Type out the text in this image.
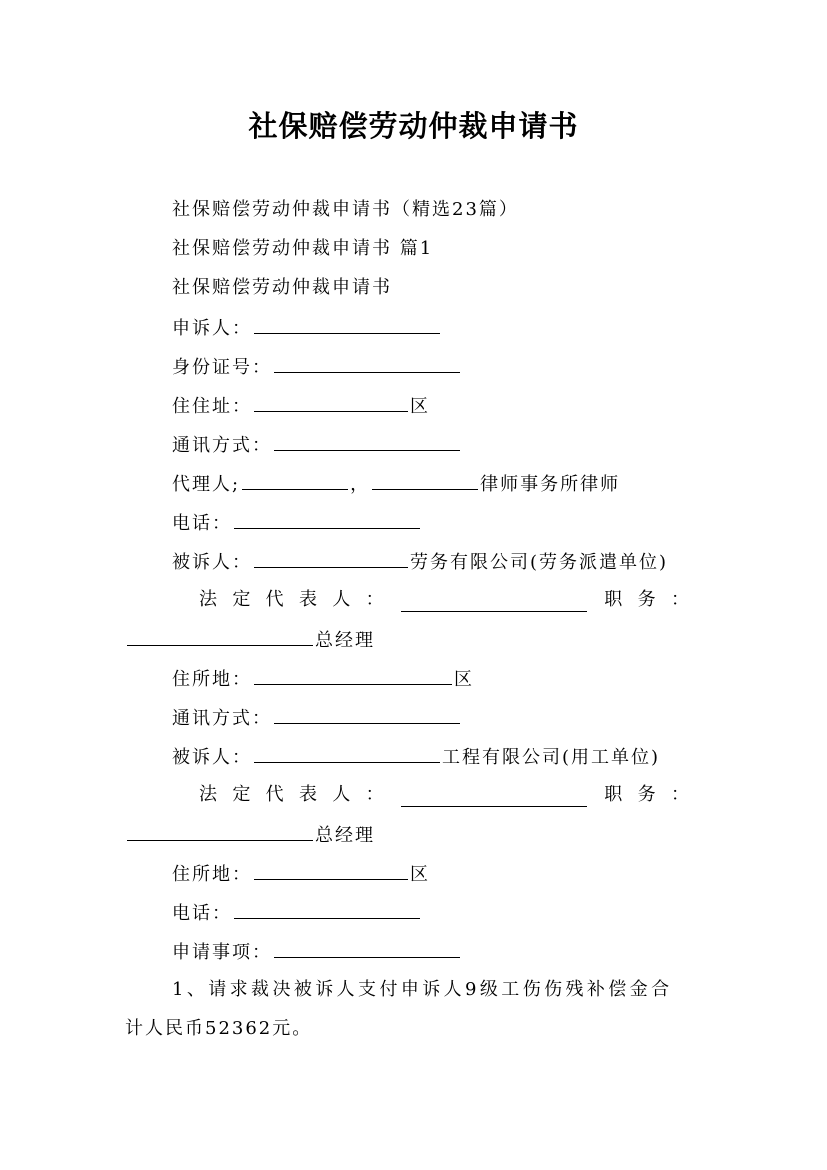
社保赔偿劳动仲裁申请书
社保赔偿劳动仲裁申请书（精选23篇）
社保赔偿劳动仲裁申请书 篇1
社保赔偿劳动仲裁申请书
申诉人：
身份证号：
住住址：	区
通讯方式：
代理人;	，	律师事务所律师
电话：
被诉人：	劳务有限公司(劳务派遣单位)
法 定 代 表 人 ：	职 务 ：
总经理
住所地：	区
通讯方式：
被诉人：	工程有限公司(用工单位)
法 定 代 表 人 ：	职 务 ：
总经理
住所地：	区
电话：
申请事项：
1、请求裁决被诉人支付申诉人9级工伤伤残补偿金合
计人民币52362元。
